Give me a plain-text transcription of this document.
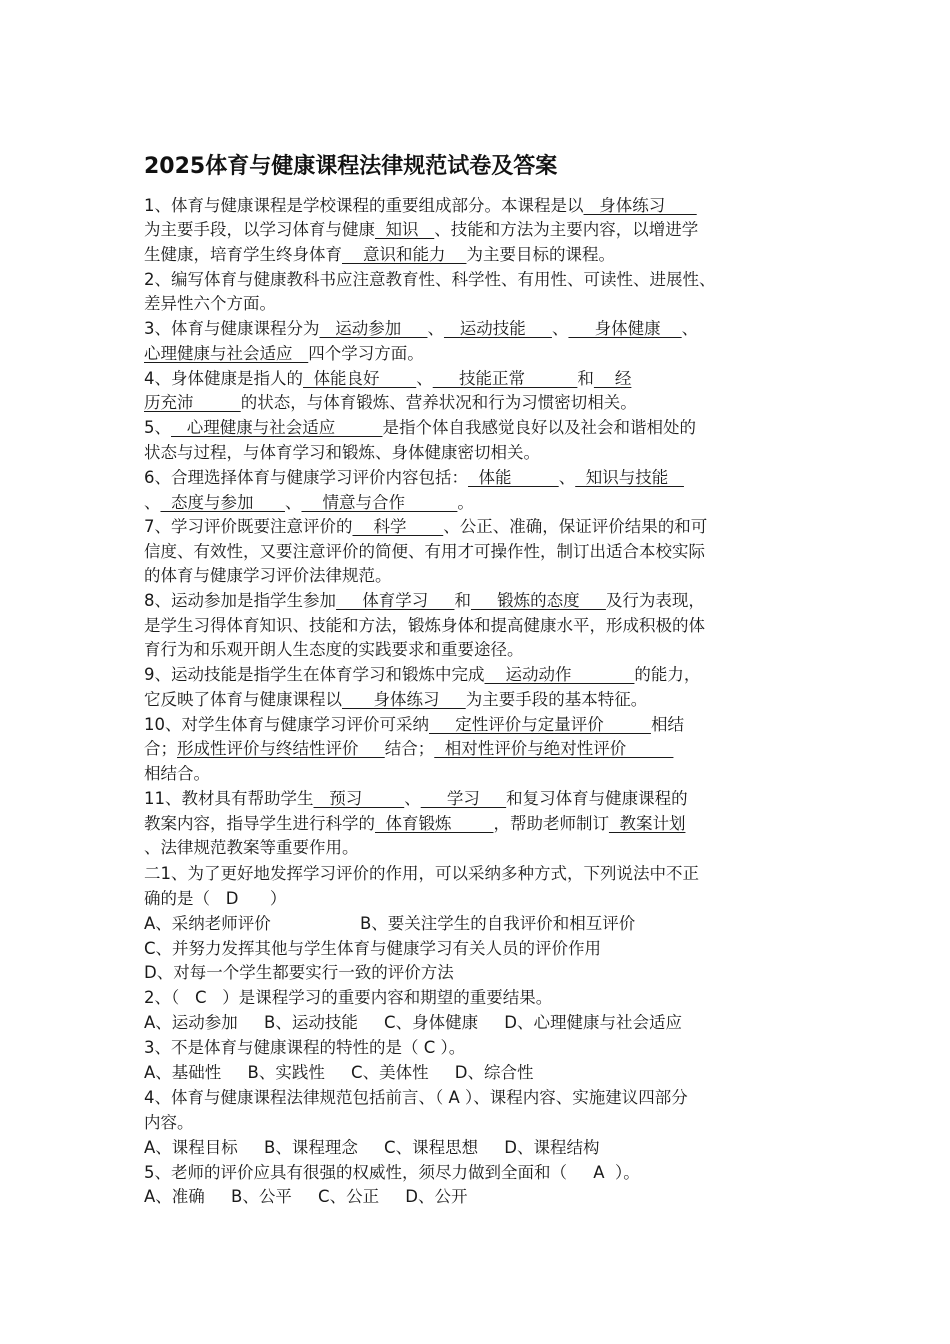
2025体育与健康课程法律规范试卷及答案
1、体育与健康课程是学校课程的重要组成部分。本课程是以   身体练习
为主要手段，以学习体育与健康  知识   、技能和方法为主要内容，以增进学
生健康，培育学生终身体育    意识和能力    为主要目标的课程。
2、编写体育与健康教科书应注意教育性、科学性、有用性、可读性、进展性、
差异性六个方面。
3、体育与健康课程分为   运动参加     、   运动技能     、     身体健康    、
心理健康与社会适应   四个学习方面。
4、身体健康是指人的  体能良好       、     技能正常          和    经
历充沛         的状态，与体育锻炼、营养状况和行为习惯密切相关。
5、   心理健康与社会适应         是指个体自我感觉良好以及社会和谐相处的
状态与过程，与体育学习和锻炼、身体健康密切相关。
6、合理选择体育与健康学习评价内容包括：  体能         、  知识与技能
、  态度与参加      、    情意与合作          。
7、学习评价既要注意评价的    科学       、公正、准确，保证评价结果的和可
信度、有效性，又要注意评价的简便、有用才可操作性，制订出适合本校实际
的体育与健康学习评价法律规范。
8、运动参加是指学生参加     体育学习     和     锻炼的态度     及行为表现，
是学生习得体育知识、技能和方法，锻炼身体和提高健康水平，形成积极的体
育行为和乐观开朗人生态度的实践要求和重要途径。
9、运动技能是指学生在体育学习和锻炼中完成    运动动作            的能力，
它反映了体育与健康课程以      身体练习     为主要手段的基本特征。
10、对学生体育与健康学习评价可采纳     定性评价与定量评价         相结
合；形成性评价与终结性评价     结合；  相对性评价与绝对性评价
相结合。
11、教材具有帮助学生   预习        、     学习     和复习体育与健康课程的
教案内容，指导学生进行科学的  体育锻炼        ，帮助老师制订  教案计划
、法律规范教案等重要作用。
二1、为了更好地发挥学习评价的作用，可以采纳多种方式，下列说法中不正
确的是（   D      ）
A、采纳老师评价                 B、要关注学生的自我评价和相互评价
C、并努力发挥其他与学生体育与健康学习有关人员的评价作用
D、对每一个学生都要实行一致的评价方法
2、（   C   ）是课程学习的重要内容和期望的重要结果。
A、运动参加     B、运动技能     C、身体健康     D、心理健康与社会适应
3、不是体育与健康课程的特性的是（ C ）。
A、基础性     B、实践性     C、美体性     D、综合性
4、体育与健康课程法律规范包括前言、（ A ）、课程内容、实施建议四部分
内容。
A、课程目标     B、课程理念     C、课程思想     D、课程结构
5、老师的评价应具有很强的权威性，须尽力做到全面和（     A  ）。
A、准确     B、公平     C、公正     D、公开
